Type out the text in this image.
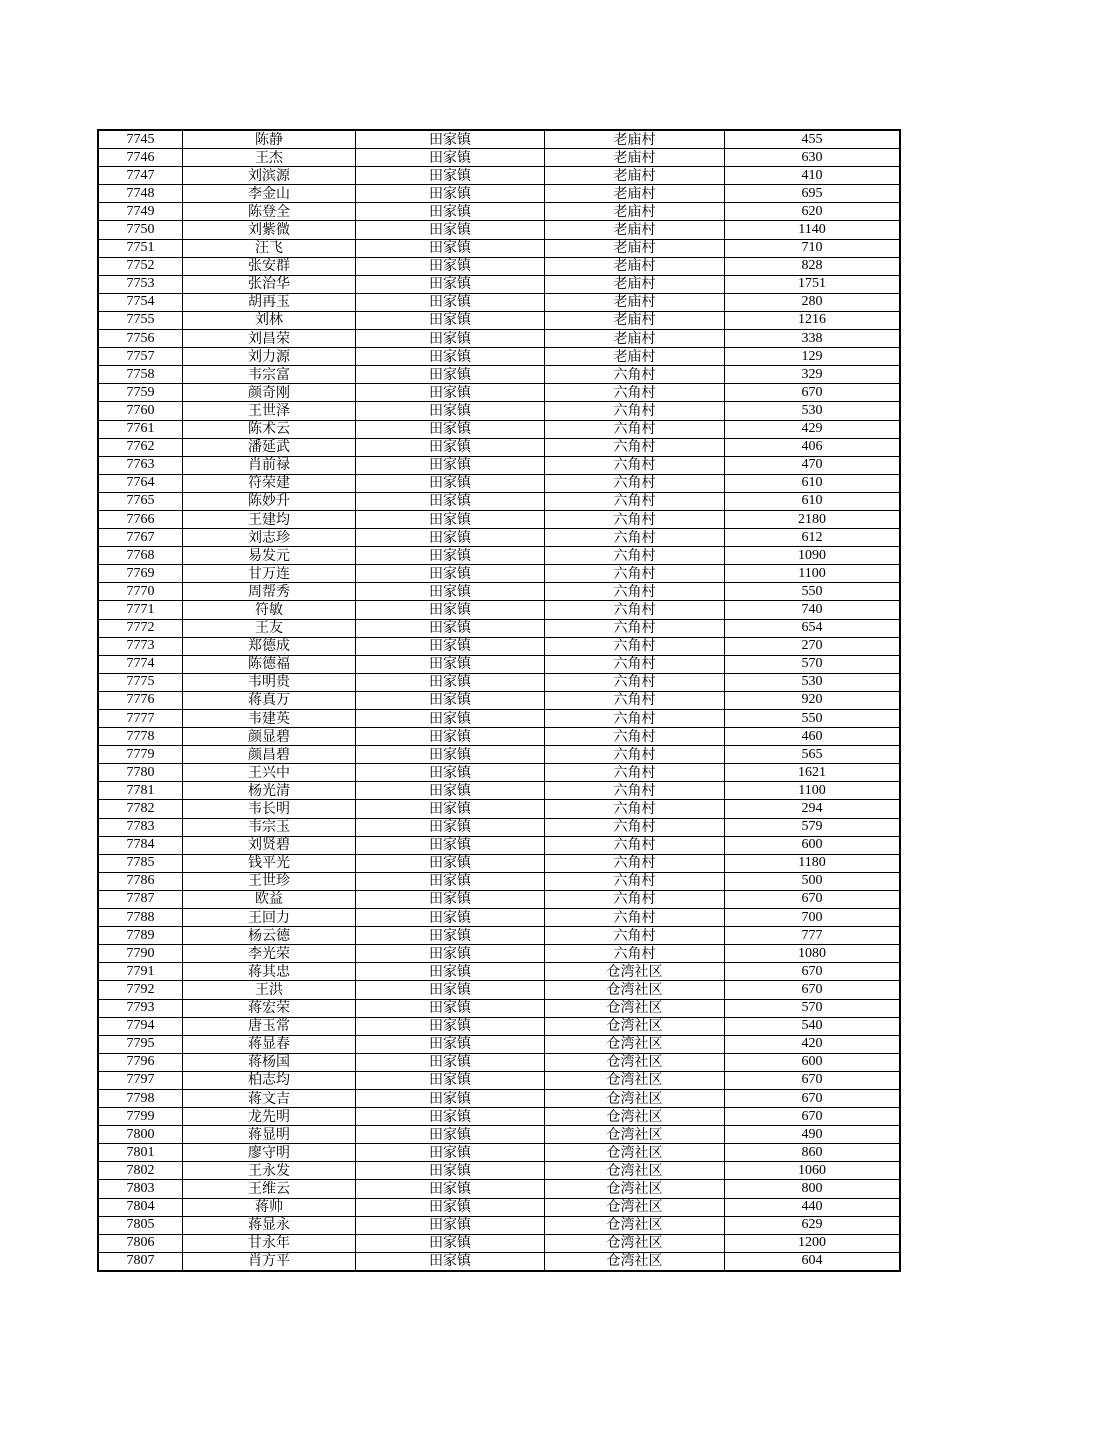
7745	陈静	田家镇	老庙村	455
7746	王杰	田家镇	老庙村	630
7747	刘滨源	田家镇	老庙村	410
7748	李金山	田家镇	老庙村	695
7749	陈登全	田家镇	老庙村	620
7750	刘紫微	田家镇	老庙村	1140
7751	汪飞	田家镇	老庙村	710
7752	张安群	田家镇	老庙村	828
7753	张治华	田家镇	老庙村	1751
7754	胡再玉	田家镇	老庙村	280
7755	刘林	田家镇	老庙村	1216
7756	刘昌荣	田家镇	老庙村	338
7757	刘力源	田家镇	老庙村	129
7758	韦宗富	田家镇	六角村	329
7759	颜奇刚	田家镇	六角村	670
7760	王世泽	田家镇	六角村	530
7761	陈术云	田家镇	六角村	429
7762	潘延武	田家镇	六角村	406
7763	肖前禄	田家镇	六角村	470
7764	符荣建	田家镇	六角村	610
7765	陈妙升	田家镇	六角村	610
7766	王建均	田家镇	六角村	2180
7767	刘志珍	田家镇	六角村	612
7768	易发元	田家镇	六角村	1090
7769	甘万连	田家镇	六角村	1100
7770	周帮秀	田家镇	六角村	550
7771	符敏	田家镇	六角村	740
7772	王友	田家镇	六角村	654
7773	郑德成	田家镇	六角村	270
7774	陈德福	田家镇	六角村	570
7775	韦明贵	田家镇	六角村	530
7776	蒋真万	田家镇	六角村	920
7777	韦建英	田家镇	六角村	550
7778	颜显碧	田家镇	六角村	460
7779	颜昌碧	田家镇	六角村	565
7780	王兴中	田家镇	六角村	1621
7781	杨光清	田家镇	六角村	1100
7782	韦长明	田家镇	六角村	294
7783	韦宗玉	田家镇	六角村	579
7784	刘贤碧	田家镇	六角村	600
7785	钱平光	田家镇	六角村	1180
7786	王世珍	田家镇	六角村	500
7787	欧益	田家镇	六角村	670
7788	王回力	田家镇	六角村	700
7789	杨云德	田家镇	六角村	777
7790	李光荣	田家镇	六角村	1080
7791	蒋其忠	田家镇	仓湾社区	670
7792	王洪	田家镇	仓湾社区	670
7793	蒋宏荣	田家镇	仓湾社区	570
7794	唐玉常	田家镇	仓湾社区	540
7795	蒋显春	田家镇	仓湾社区	420
7796	蒋杨国	田家镇	仓湾社区	600
7797	柏志均	田家镇	仓湾社区	670
7798	蒋文吉	田家镇	仓湾社区	670
7799	龙先明	田家镇	仓湾社区	670
7800	蒋显明	田家镇	仓湾社区	490
7801	廖守明	田家镇	仓湾社区	860
7802	王永发	田家镇	仓湾社区	1060
7803	王维云	田家镇	仓湾社区	800
7804	蒋帅	田家镇	仓湾社区	440
7805	蒋显永	田家镇	仓湾社区	629
7806	甘永年	田家镇	仓湾社区	1200
7807	肖方平	田家镇	仓湾社区	604
